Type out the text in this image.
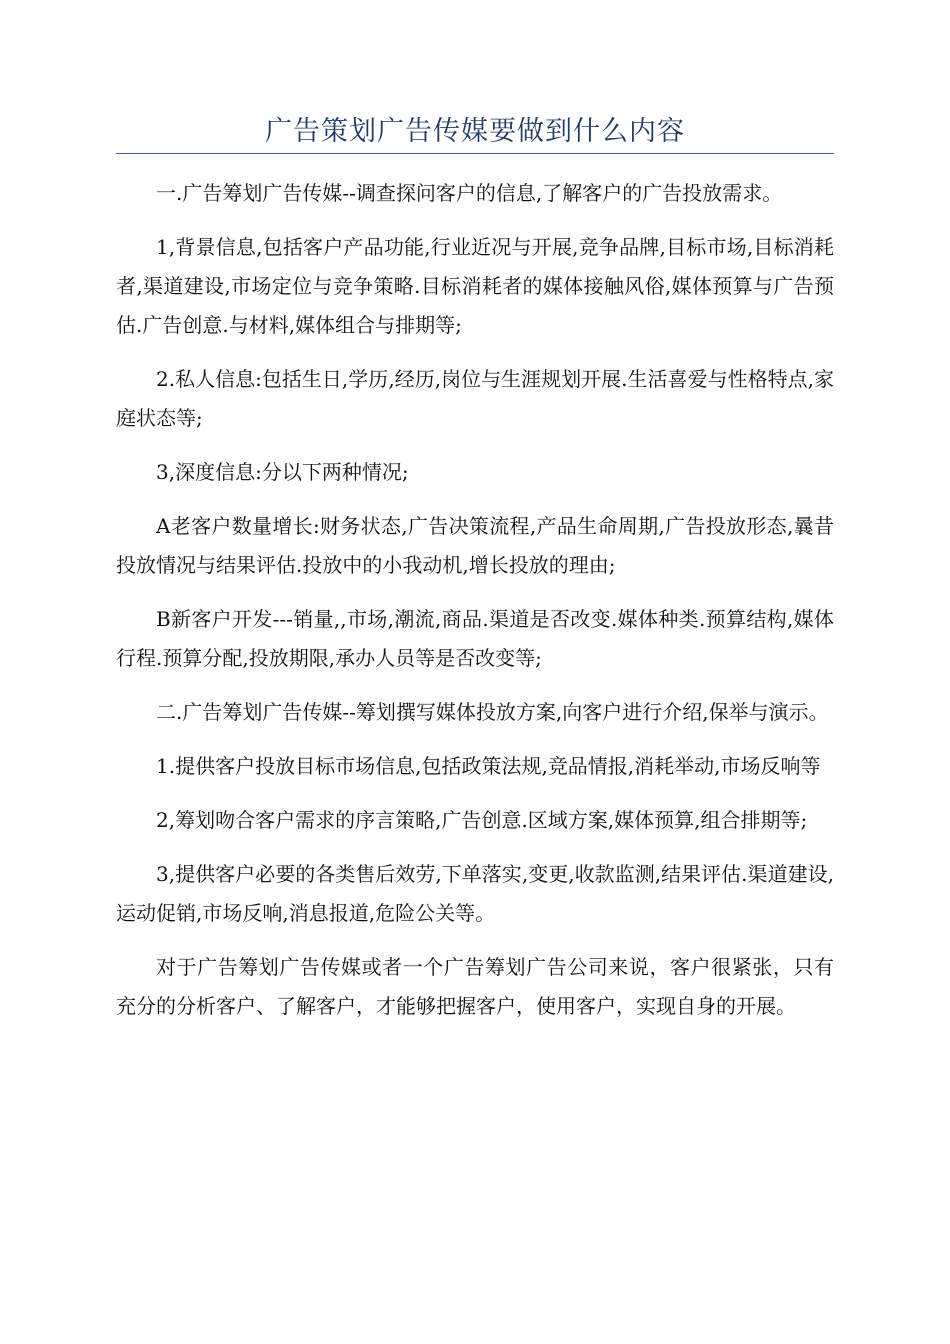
广告策划广告传媒要做到什么内容

一.广告筹划广告传媒--调查探问客户的信息,了解客户的广告投放需求。

1,背景信息,包括客户产品功能,行业近况与开展,竞争品牌,目标市场,目标消耗者,渠道建设,市场定位与竞争策略.目标消耗者的媒体接触风俗,媒体预算与广告预估.广告创意.与材料,媒体组合与排期等;

2.私人信息:包括生日,学历,经历,岗位与生涯规划开展.生活喜爱与性格特点,家庭状态等;

3,深度信息:分以下两种情况;

A老客户数量增长:财务状态,广告决策流程,产品生命周期,广告投放形态,曩昔投放情况与结果评估.投放中的小我动机,增长投放的理由;

B新客户开发---销量,,市场,潮流,商品.渠道是否改变.媒体种类.预算结构,媒体行程.预算分配,投放期限,承办人员等是否改变等;

二.广告筹划广告传媒--筹划撰写媒体投放方案,向客户进行介绍,保举与演示。

1.提供客户投放目标市场信息,包括政策法规,竞品情报,消耗举动,市场反响等

2,筹划吻合客户需求的序言策略,广告创意.区域方案,媒体预算,组合排期等;

3,提供客户必要的各类售后效劳,下单落实,变更,收款监测,结果评估.渠道建设,运动促销,市场反响,消息报道,危险公关等。

对于广告筹划广告传媒或者一个广告筹划广告公司来说，客户很紧张，只有充分的分析客户、了解客户，才能够把握客户，使用客户，实现自身的开展。
